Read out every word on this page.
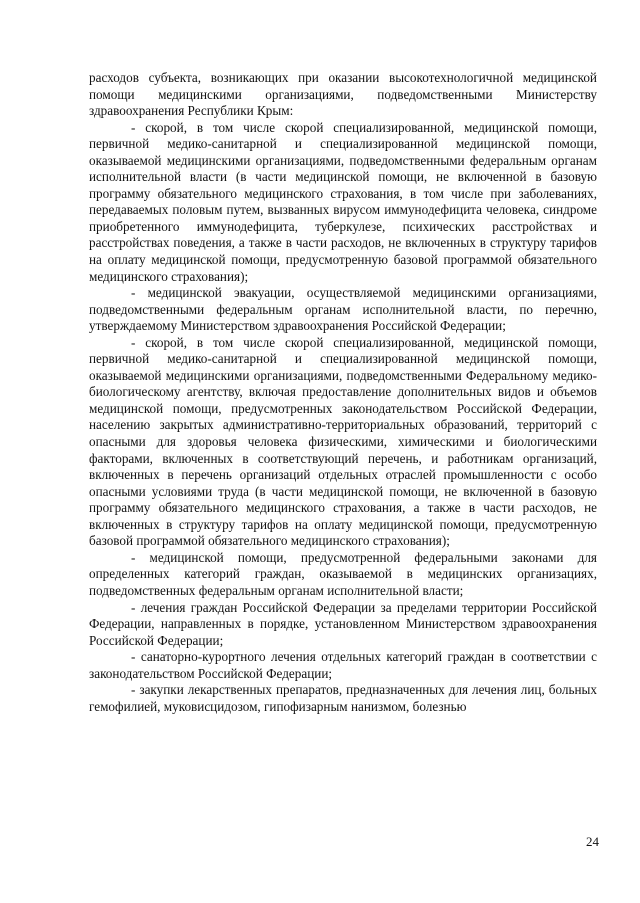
расходов субъекта, возникающих при оказании высокотехнологичной медицинской помощи медицинскими организациями, подведомственными Министерству здравоохранения Республики Крым:

- скорой, в том числе скорой специализированной, медицинской помощи, первичной медико-санитарной и специализированной медицинской помощи, оказываемой медицинскими организациями, подведомственными федеральным органам исполнительной власти (в части медицинской помощи, не включенной в базовую программу обязательного медицинского страхования, в том числе при заболеваниях, передаваемых половым путем, вызванных вирусом иммунодефицита человека, синдроме приобретенного иммунодефицита, туберкулезе, психических расстройствах и расстройствах поведения, а также в части расходов, не включенных в структуру тарифов на оплату медицинской помощи, предусмотренную базовой программой обязательного медицинского страхования);

- медицинской эвакуации, осуществляемой медицинскими организациями, подведомственными федеральным органам исполнительной власти, по перечню, утверждаемому Министерством здравоохранения Российской Федерации;

- скорой, в том числе скорой специализированной, медицинской помощи, первичной медико-санитарной и специализированной медицинской помощи, оказываемой медицинскими организациями, подведомственными Федеральному медико-биологическому агентству, включая предоставление дополнительных видов и объемов медицинской помощи, предусмотренных законодательством Российской Федерации, населению закрытых административно-территориальных образований, территорий с опасными для здоровья человека физическими, химическими и биологическими факторами, включенных в соответствующий перечень, и работникам организаций, включенных в перечень организаций отдельных отраслей промышленности с особо опасными условиями труда (в части медицинской помощи, не включенной в базовую программу обязательного медицинского страхования, а также в части расходов, не включенных в структуру тарифов на оплату медицинской помощи, предусмотренную базовой программой обязательного медицинского страхования);

- медицинской помощи, предусмотренной федеральными законами для определенных категорий граждан, оказываемой в медицинских организациях, подведомственных федеральным органам исполнительной власти;

- лечения граждан Российской Федерации за пределами территории Российской Федерации, направленных в порядке, установленном Министерством здравоохранения Российской Федерации;

- санаторно-курортного лечения отдельных категорий граждан в соответствии с законодательством Российской Федерации;

- закупки лекарственных препаратов, предназначенных для лечения лиц, больных гемофилией, муковисцидозом, гипофизарным нанизмом, болезнью

24
